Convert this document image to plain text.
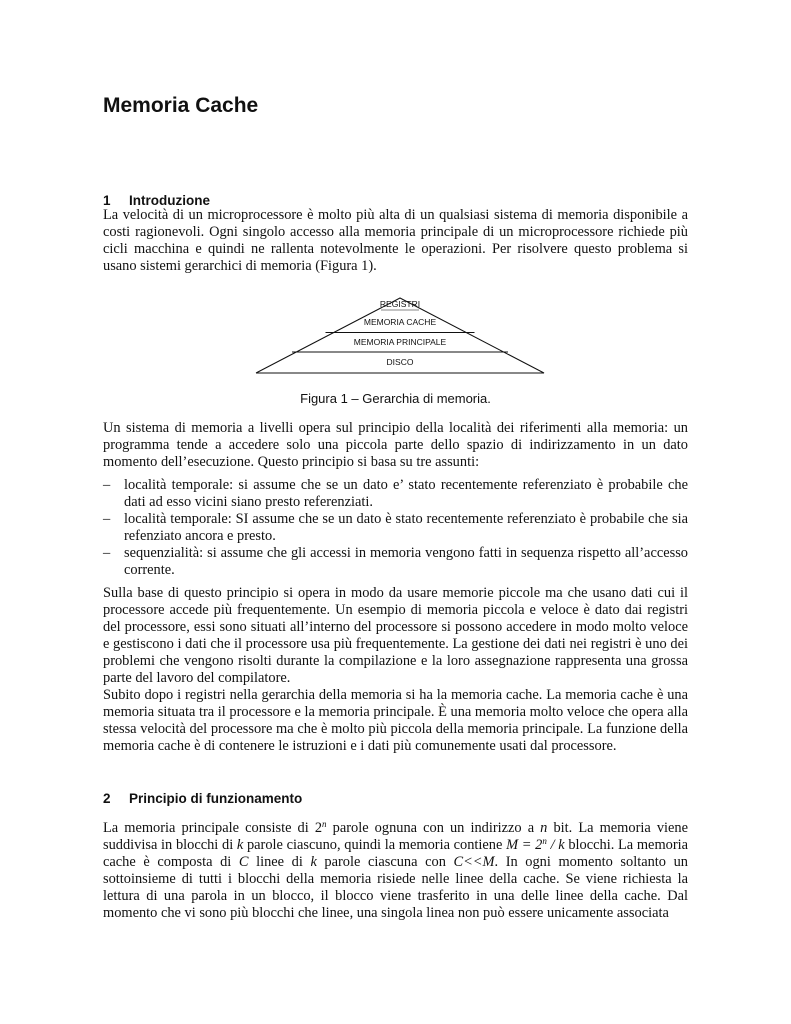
Memoria Cache
1 Introduzione

La velocità di un microprocessore è molto più alta di un qualsiasi sistema di memoria disponibile a costi ragionevoli. Ogni singolo accesso alla memoria principale di un microprocessore richiede più cicli macchina e quindi ne rallenta notevolmente le operazioni. Per risolvere questo problema si usano sistemi gerarchici di memoria (Figura 1).

REGISTRI
MEMORIA CACHE
MEMORIA PRINCIPALE
DISCO
Figura 1 – Gerarchia di memoria.

Un sistema di memoria a livelli opera sul principio della località dei riferimenti alla memoria: un programma tende a accedere solo una piccola parte dello spazio di indirizzamento in un dato momento dell’esecuzione. Questo principio si basa su tre assunti:

– località temporale: si assume che se un dato e’ stato recentemente referenziato è probabile che dati ad esso vicini siano presto referenziati.
– località temporale: SI assume che se un dato è stato recentemente referenziato è probabile che sia refenziato ancora e presto.
– sequenzialità: si assume che gli accessi in memoria vengono fatti in sequenza rispetto all’accesso corrente.

Sulla base di questo principio si opera in modo da usare memorie piccole ma che usano dati cui il processore accede più frequentemente. Un esempio di memoria piccola e veloce è dato dai registri del processore, essi sono situati all’interno del processore si possono accedere in modo molto veloce e gestiscono i dati che il processore usa più frequentemente. La gestione dei dati nei registri è uno dei problemi che vengono risolti durante la compilazione e la loro assegnazione rappresenta una grossa parte del lavoro del compilatore.

Subito dopo i registri nella gerarchia della memoria si ha la memoria cache. La memoria cache è una memoria situata tra il processore e la memoria principale. È una memoria molto veloce che opera alla stessa velocità del processore ma che è molto più piccola della memoria principale. La funzione della memoria cache è di contenere le istruzioni e i dati più comunemente usati dal processore.

2 Principio di funzionamento

La memoria principale consiste di 2$^n$ parole ognuna con un indirizzo a n bit. La memoria viene suddivisa in blocchi di k parole ciascuno, quindi la memoria contiene $M = 2^n / k$ blocchi. La memoria cache è composta di C linee di k parole ciascuna con C<<M. In ogni momento soltanto un sottoinsieme di tutti i blocchi della memoria risiede nelle linee della cache. Se viene richiesta la lettura di una parola in un blocco, il blocco viene trasferito in una delle linee della cache. Dal momento che vi sono più blocchi che linee, una singola linea non può essere unicamente associata
